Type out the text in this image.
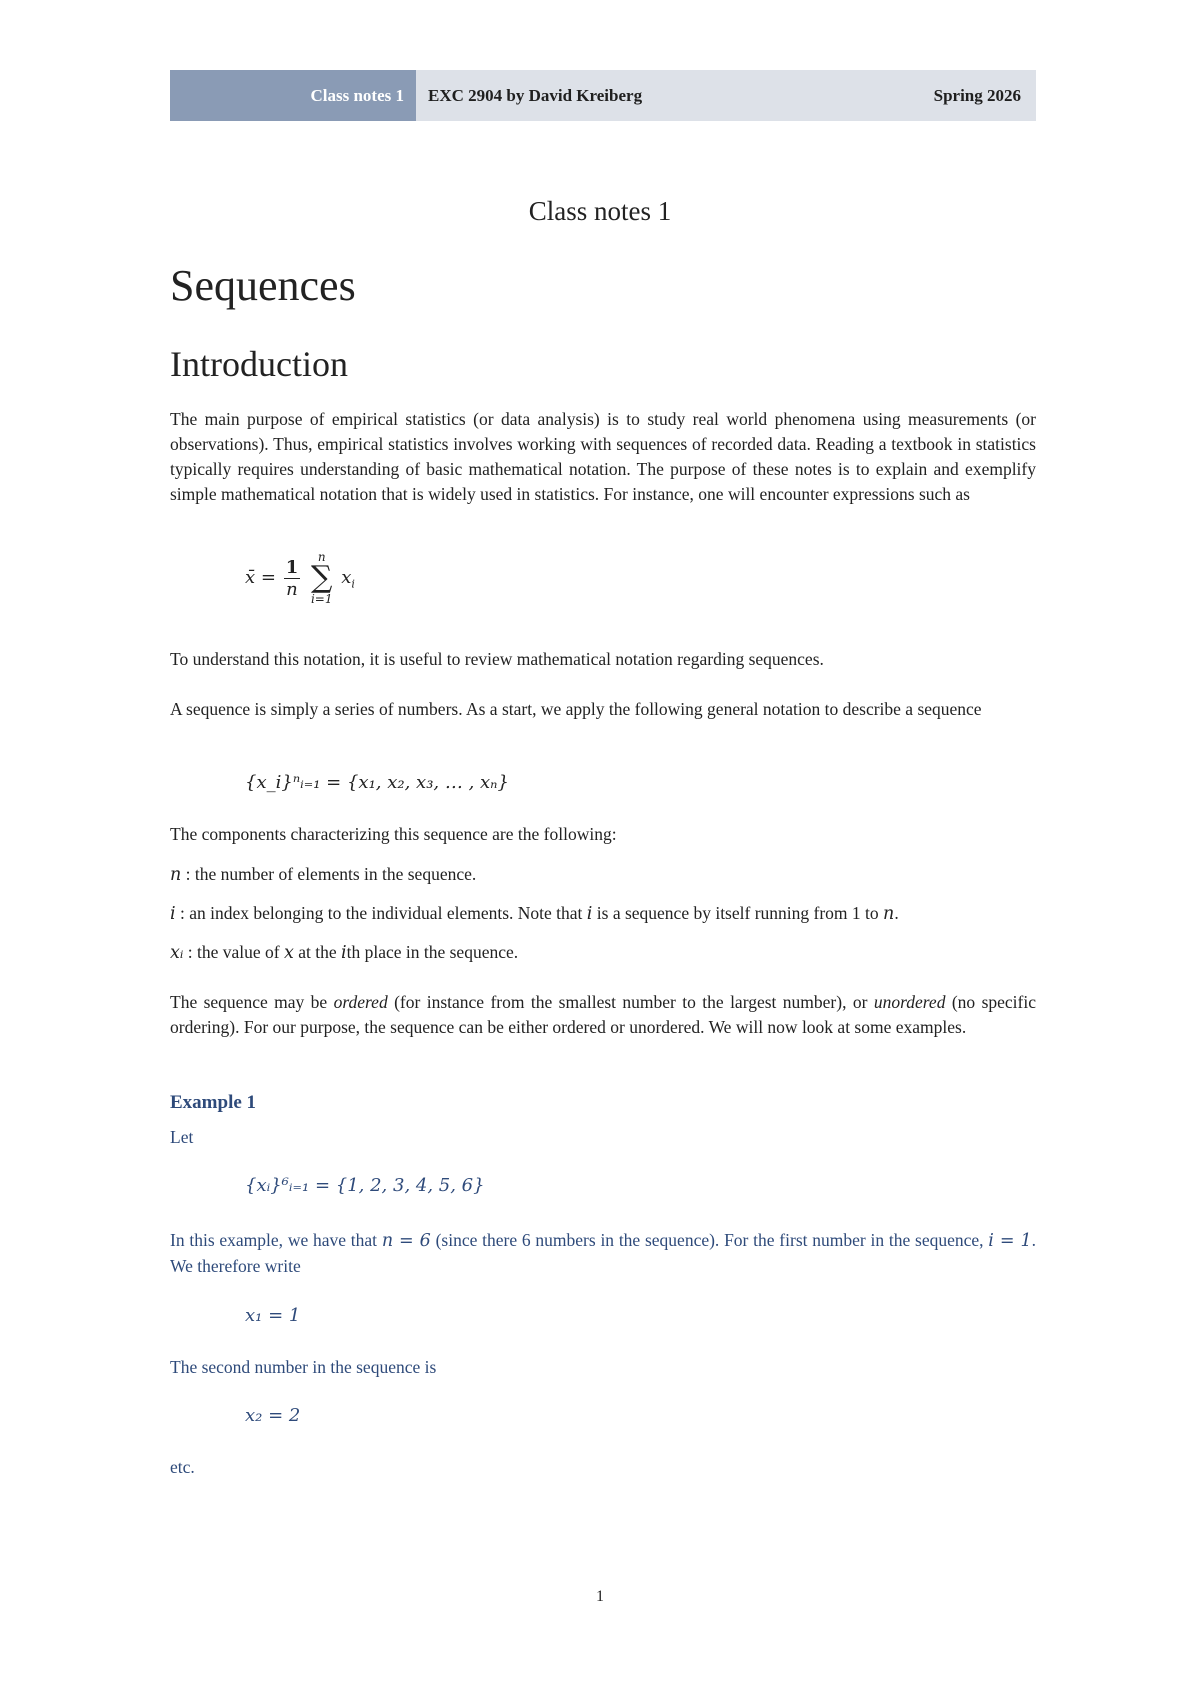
Class notes 1	EXC 2904 by David Kreiberg	Spring 2026
Class notes 1
Sequences
Introduction
The main purpose of empirical statistics (or data analysis) is to study real world phenomena using measurements (or observations). Thus, empirical statistics involves working with sequences of recorded data. Reading a textbook in statistics typically requires understanding of basic mathematical notation. The purpose of these notes is to explain and exemplify simple mathematical notation that is widely used in statistics. For instance, one will encounter expressions such as
x̄ = $\frac{1}{n}$
n
∑
i=1
$x_i$
To understand this notation, it is useful to review mathematical notation regarding sequences.
A sequence is simply a series of numbers. As a start, we apply the following general notation to describe a sequence
{x_i}ⁿᵢ₌₁ = {x₁, x₂, x₃, … , xₙ}
The components characterizing this sequence are the following:
n : the number of elements in the sequence.
i : an index belonging to the individual elements. Note that i is a sequence by itself running from 1 to n.
xᵢ : the value of x at the ith place in the sequence.
The sequence may be ordered (for instance from the smallest number to the largest number), or unordered (no specific ordering). For our purpose, the sequence can be either ordered or unordered. We will now look at some examples.
Example 1
Let
{xᵢ}⁶ᵢ₌₁ = {1, 2, 3, 4, 5, 6}
In this example, we have that n = 6 (since there 6 numbers in the sequence). For the first number in the sequence, i = 1. We therefore write
x₁ = 1
The second number in the sequence is
x₂ = 2
etc.
1
